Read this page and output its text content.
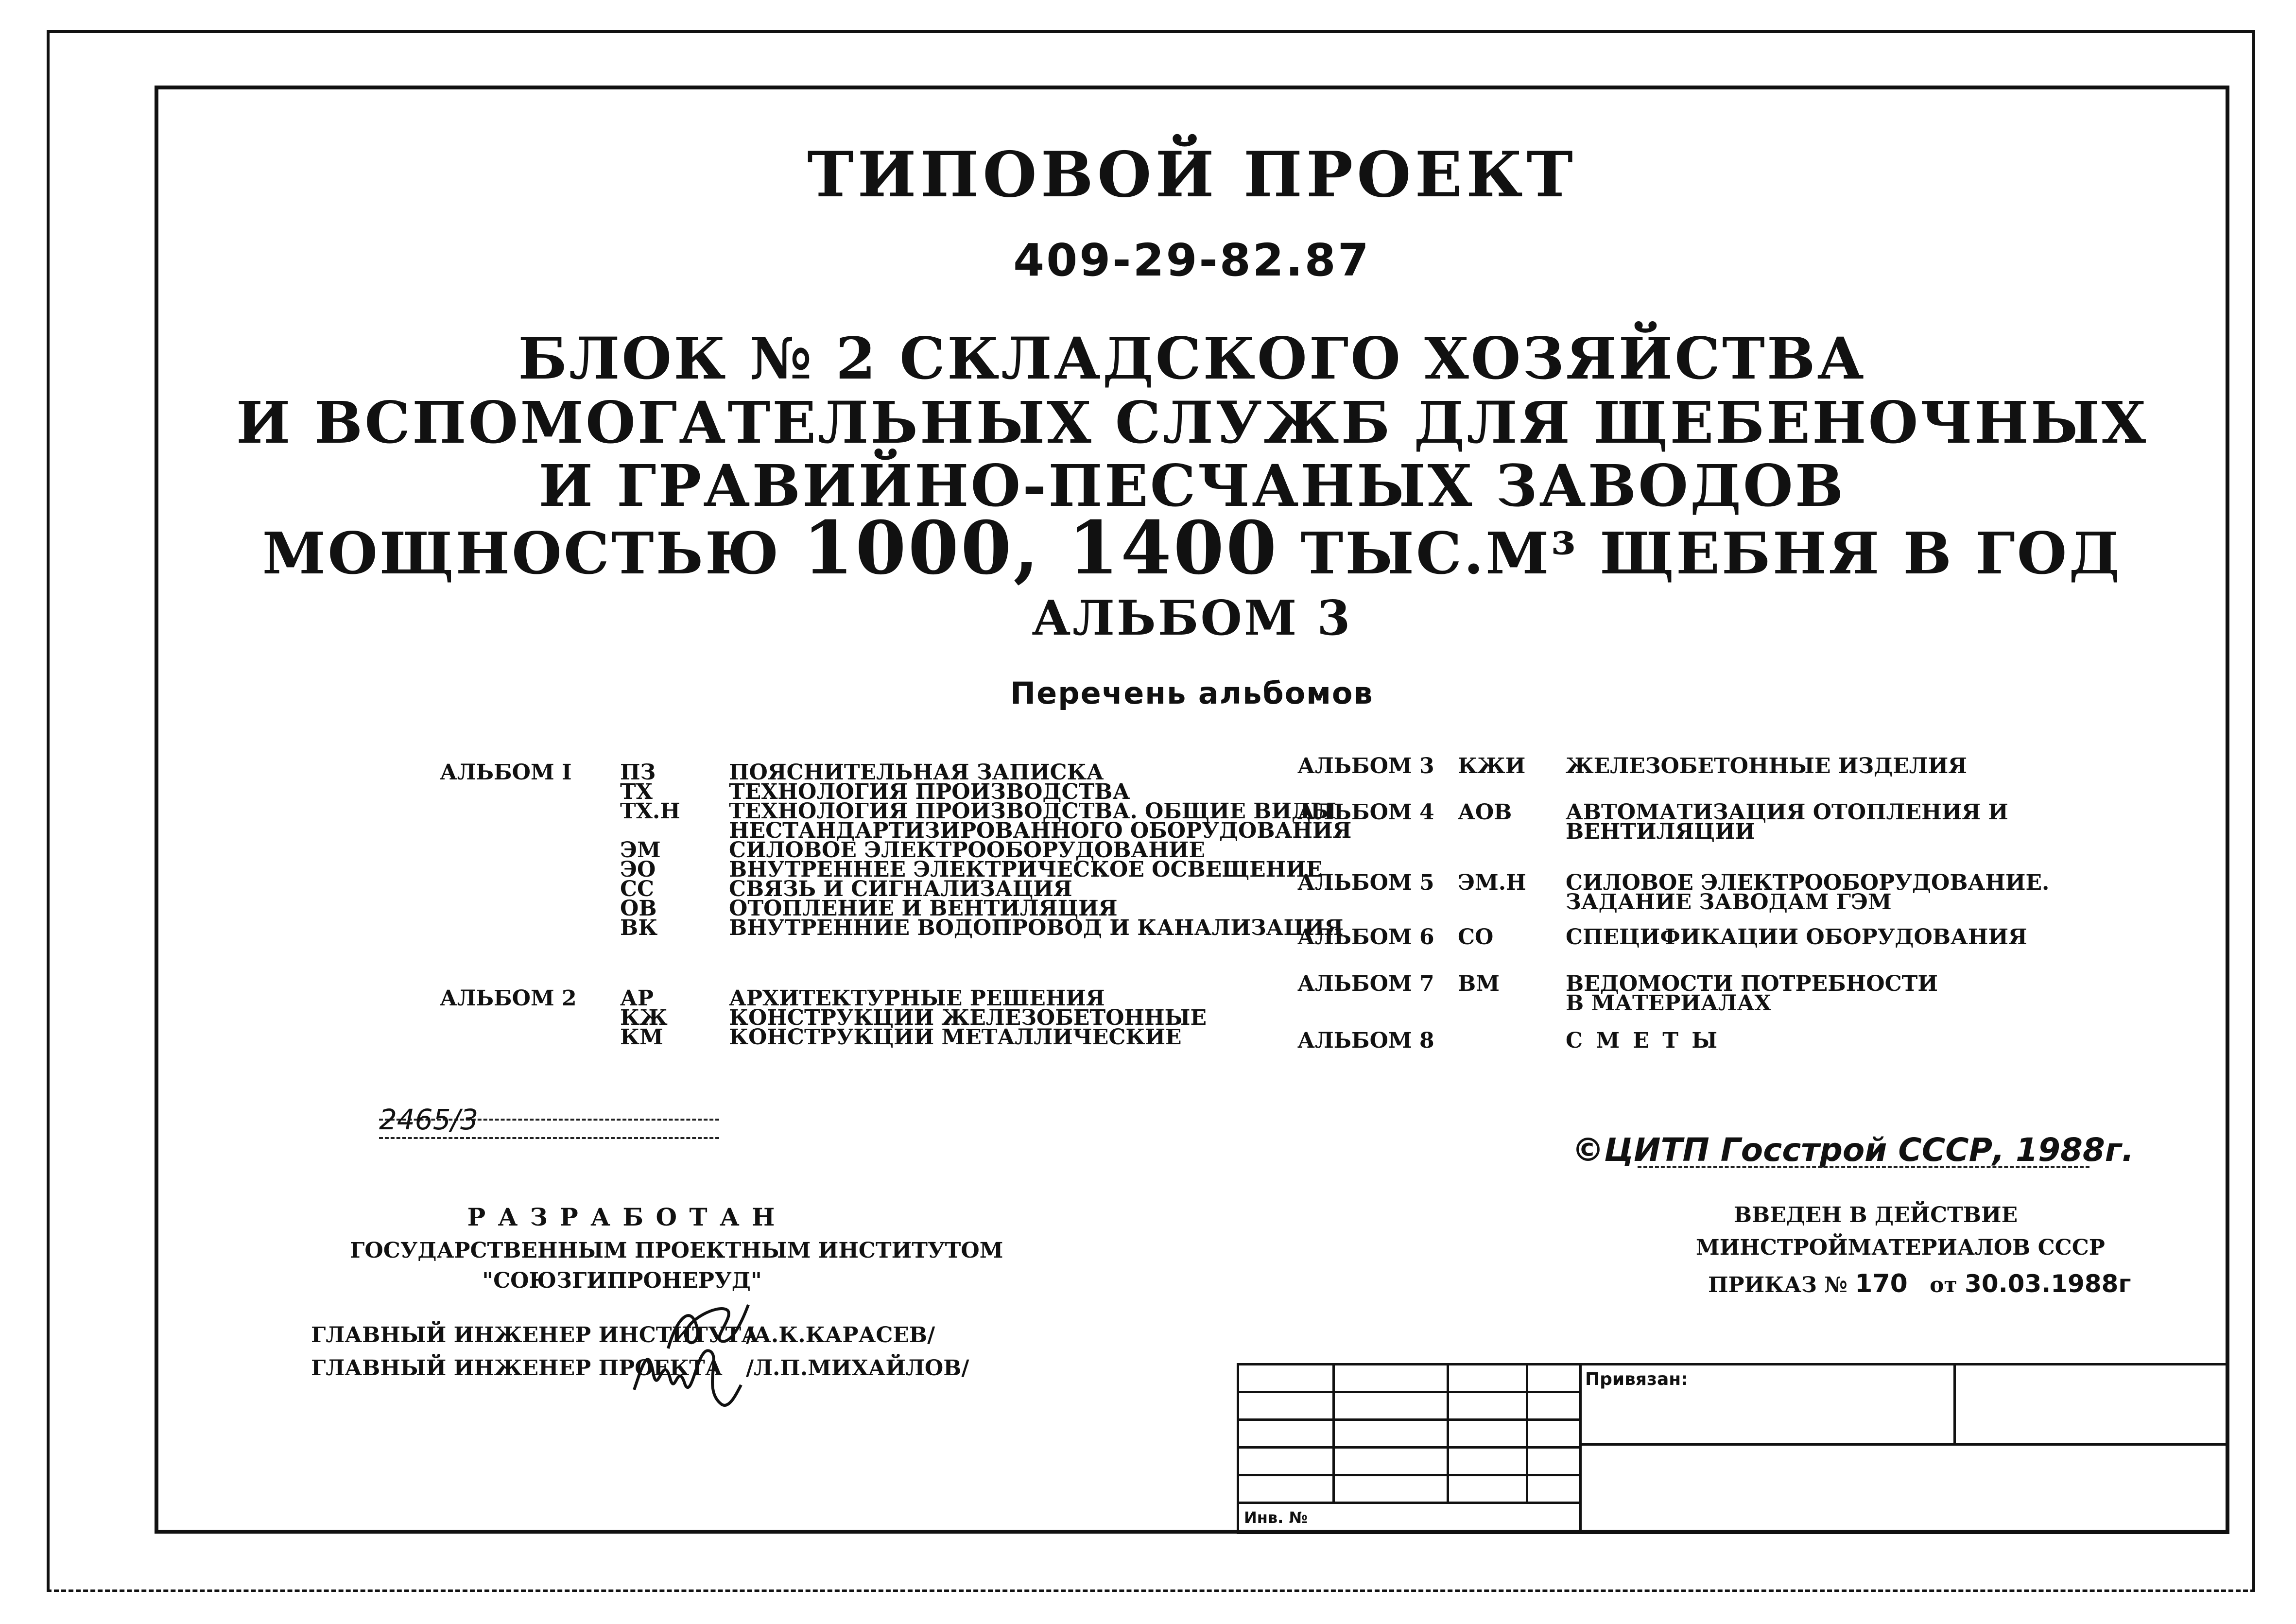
ТИПОВОЙ ПРОЕКТ
409-29-82.87
БЛОК № 2 СКЛАДСКОГО ХОЗЯЙСТВА
И ВСПОМОГАТЕЛЬНЫХ СЛУЖБ ДЛЯ ЩЕБЕНОЧНЫХ
И ГРАВИЙНО-ПЕСЧАНЫХ ЗАВОДОВ
МОЩНОСТЬЮ 1000, 1400 ТЫС.М³ ЩЕБНЯ В ГОД
АЛЬБОМ 3
Перечень альбомов
АЛЬБОМ I ПЗ	ПОЯСНИТЕЛЬНАЯ ЗАПИСКА
ТХ	ТЕХНОЛОГИЯ ПРОИЗВОДСТВА
ТХ.Н ТЕХНОЛОГИЯ ПРОИЗВОДСТВА. ОБЩИЕ ВИДЫ
НЕСТАНДАРТИЗИРОВАННОГО ОБОРУДОВАНИЯ
ЭМ	СИЛОВОЕ ЭЛЕКТРООБОРУДОВАНИЕ
ЭО	ВНУТРЕННЕЕ ЭЛЕКТРИЧЕСКОЕ ОСВЕЩЕНИЕ
СС	СВЯЗЬ И СИГНАЛИЗАЦИЯ
ОВ	ОТОПЛЕНИЕ И ВЕНТИЛЯЦИЯ
ВК	ВНУТРЕННИЕ ВОДОПРОВОД И КАНАЛИЗАЦИЯ
АЛЬБОМ 2 АР	АРХИТЕКТУРНЫЕ РЕШЕНИЯ
КЖ	КОНСТРУКЦИИ ЖЕЛЕЗОБЕТОННЫЕ
КМ	КОНСТРУКЦИИ МЕТАЛЛИЧЕСКИЕ
АЛЬБОМ 3 КЖИ ЖЕЛЕЗОБЕТОННЫЕ ИЗДЕЛИЯ
АЛЬБОМ 4 АОВ	АВТОМАТИЗАЦИЯ ОТОПЛЕНИЯ И
ВЕНТИЛЯЦИИ
АЛЬБОМ 5 ЭМ.Н СИЛОВОЕ ЭЛЕКТРООБОРУДОВАНИЕ.
ЗАДАНИЕ ЗАВОДАМ ГЭМ
АЛЬБОМ 6 СО	СПЕЦИФИКАЦИИ ОБОРУДОВАНИЯ
АЛЬБОМ 7 ВМ	ВЕДОМОСТИ ПОТРЕБНОСТИ
В МАТЕРИАЛАХ
АЛЬБОМ 8	С М Е Т Ы
2465/3
©ЦИТП Госстрой СССР, 1988г.
Р А З Р А Б О Т А Н
ГОСУДАРСТВЕННЫМ ПРОЕКТНЫМ ИНСТИТУТОМ
"СОЮЗГИПРОНЕРУД"
ГЛАВНЫЙ ИНЖЕНЕР ИНСТИТУТА
/А.К.КАРАСЕВ/
ГЛАВНЫЙ ИНЖЕНЕР ПРОЕКТА /Л.П.МИХАЙЛОВ/
ВВЕДЕН В ДЕЙСТВИЕ
МИНСТРОЙМАТЕРИАЛОВ СССР
ПРИКАЗ № 170 от 30.03.1988г
Привязан:
Инв. №
